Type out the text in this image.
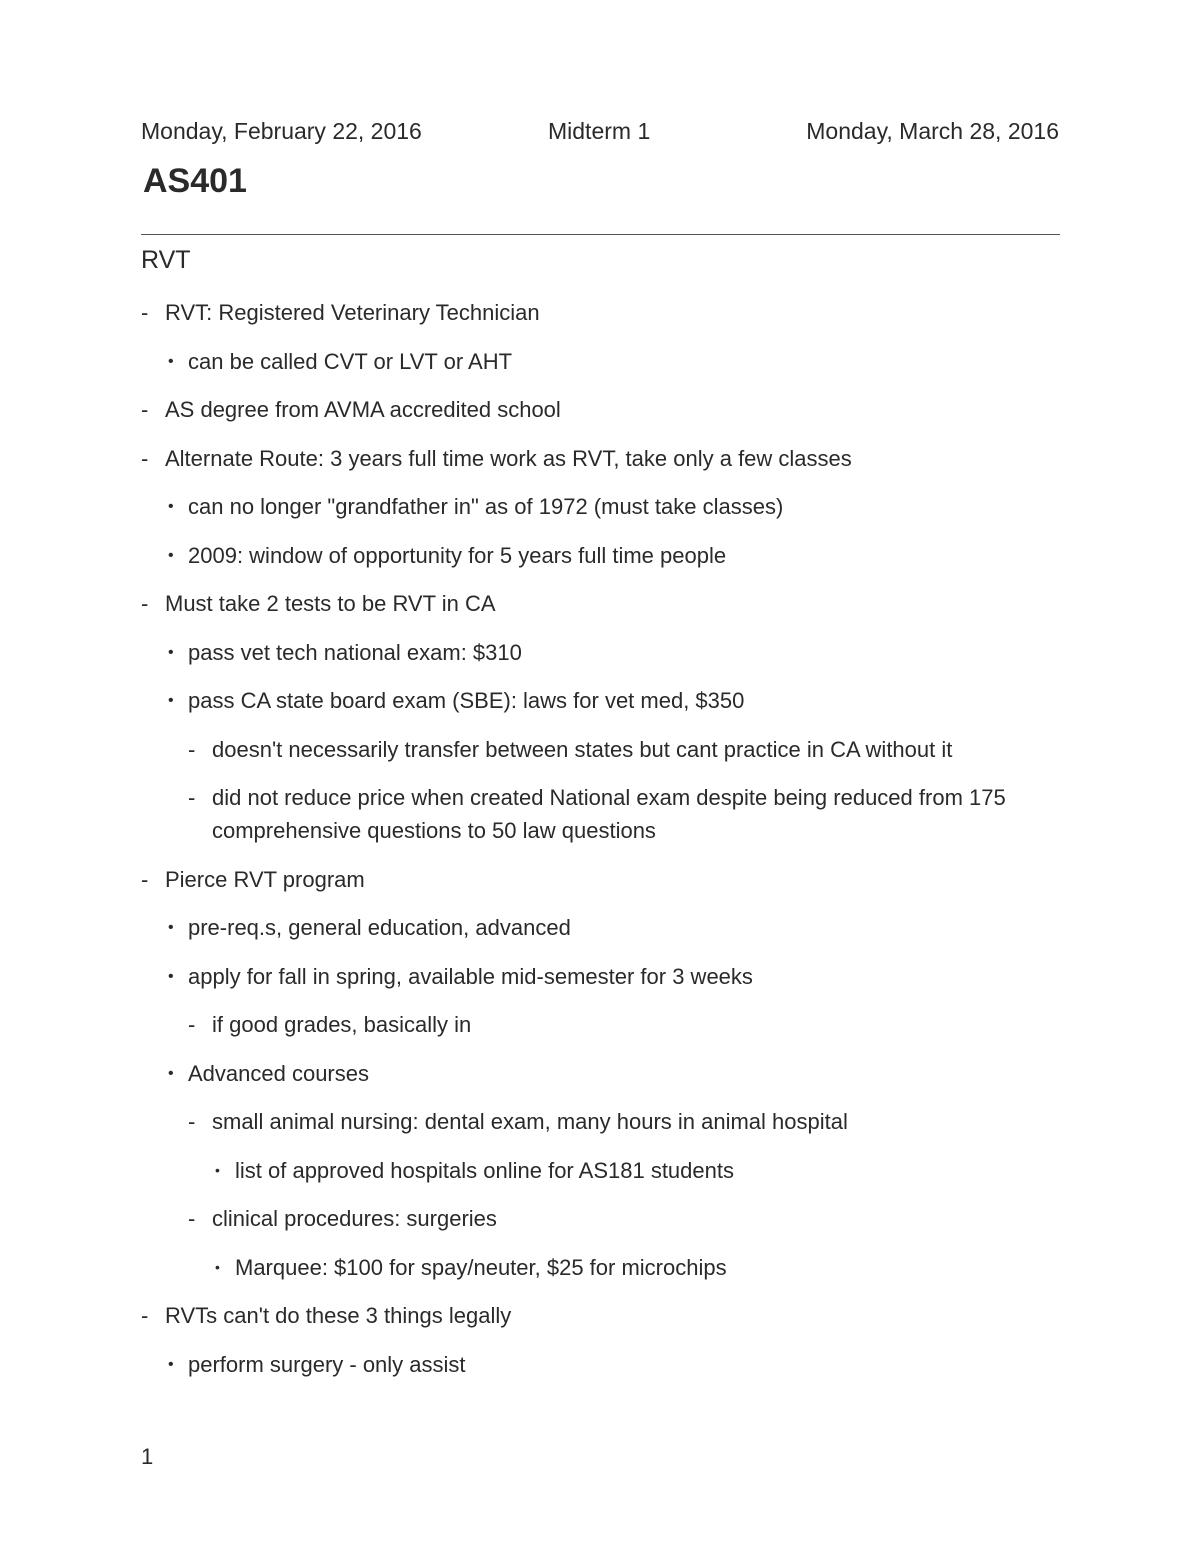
Monday, February 22, 2016	Midterm 1	Monday, March 28, 2016
AS401
RVT
- RVT: Registered Veterinary Technician
• can be called CVT or LVT or AHT
- AS degree from AVMA accredited school
- Alternate Route: 3 years full time work as RVT, take only a few classes
• can no longer "grandfather in" as of 1972 (must take classes)
• 2009: window of opportunity for 5 years full time people
- Must take 2 tests to be RVT in CA
• pass vet tech national exam: $310
• pass CA state board exam (SBE): laws for vet med, $350
- doesn't necessarily transfer between states but cant practice in CA without it
- did not reduce price when created National exam despite being reduced from 175 comprehensive questions to 50 law questions
- Pierce RVT program
• pre-req.s, general education, advanced
• apply for fall in spring, available mid-semester for 3 weeks
- if good grades, basically in
• Advanced courses
- small animal nursing: dental exam, many hours in animal hospital
• list of approved hospitals online for AS181 students
- clinical procedures: surgeries
• Marquee: $100 for spay/neuter, $25 for microchips
- RVTs can't do these 3 things legally
• perform surgery - only assist
1
